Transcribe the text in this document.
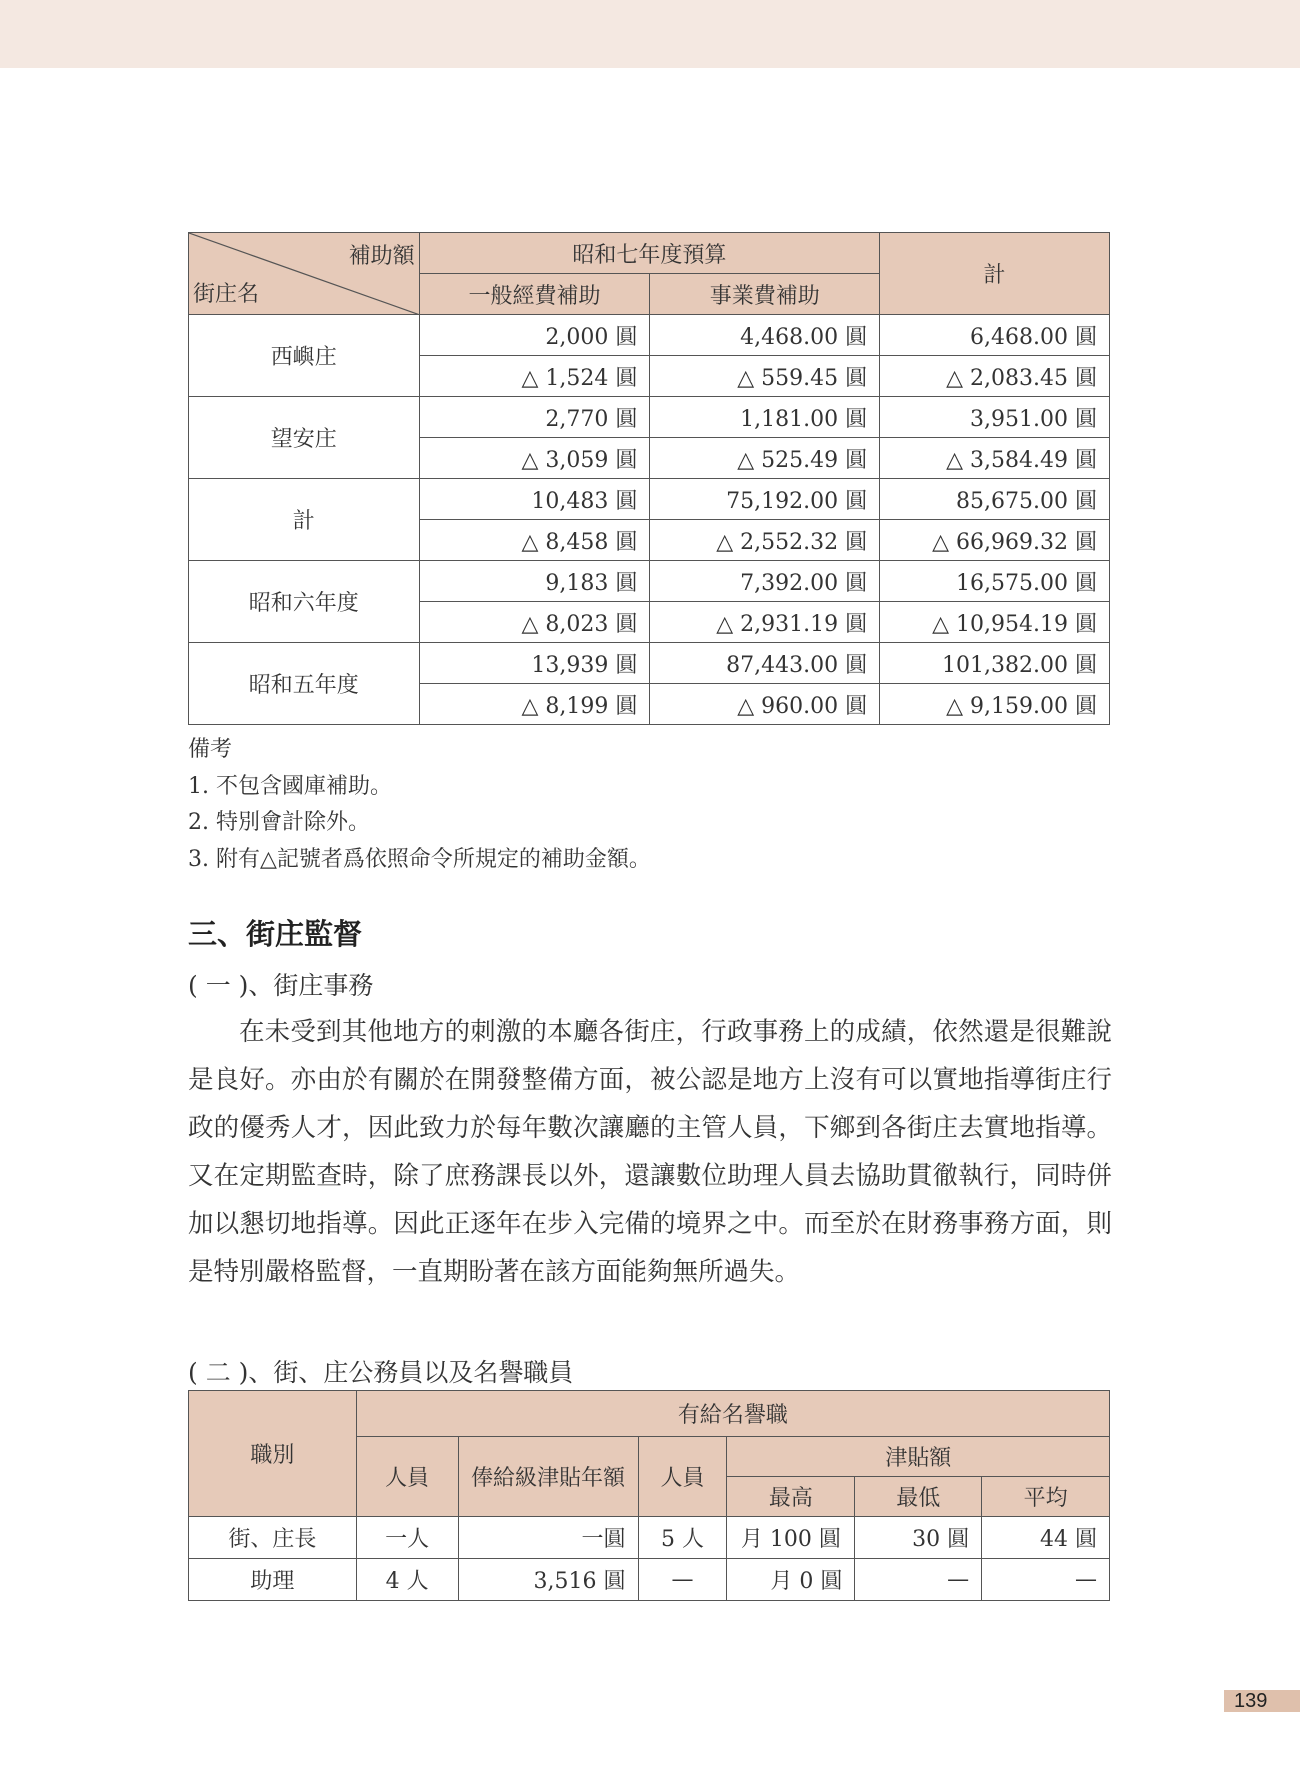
補助額
街庄名	昭和七年度預算		計
	一般經費補助	事業費補助	
西嶼庄	2,000 圓	4,468.00 圓	6,468.00 圓
	△ 1,524 圓	△ 559.45 圓	△ 2,083.45 圓
望安庄	2,770 圓	1,181.00 圓	3,951.00 圓
	△ 3,059 圓	△ 525.49 圓	△ 3,584.49 圓
計	10,483 圓	75,192.00 圓	85,675.00 圓
	△ 8,458 圓	△ 2,552.32 圓	△ 66,969.32 圓
昭和六年度	9,183 圓	7,392.00 圓	16,575.00 圓
	△ 8,023 圓	△ 2,931.19 圓	△ 10,954.19 圓
昭和五年度	13,939 圓	87,443.00 圓	101,382.00 圓
	△ 8,199 圓	△ 960.00 圓	△ 9,159.00 圓
備考
1. 不包含國庫補助。
2. 特別會計除外。
3. 附有△記號者爲依照命令所規定的補助金額。
三、街庄監督
( 一 )、街庄事務
在未受到其他地方的刺激的本廳各街庄，行政事務上的成績，依然還是很難說是良好。亦由於有關於在開發整備方面，被公認是地方上沒有可以實地指導街庄行政的優秀人才，因此致力於每年數次讓廳的主管人員，下鄉到各街庄去實地指導。又在定期監查時，除了庶務課長以外，還讓數位助理人員去協助貫徹執行，同時併加以懇切地指導。因此正逐年在步入完備的境界之中。而至於在財務事務方面，則是特別嚴格監督，一直期盼著在該方面能夠無所過失。
( 二 )、街、庄公務員以及名譽職員
職別	有給名譽職					
	人員	俸給級津貼年額	人員	津貼額		
				最高	最低	平均
街、庄長	一人	一圓	5 人	月 100 圓	30 圓	44 圓
助理	4 人	3,516 圓	—	月 0 圓	—	—
139
